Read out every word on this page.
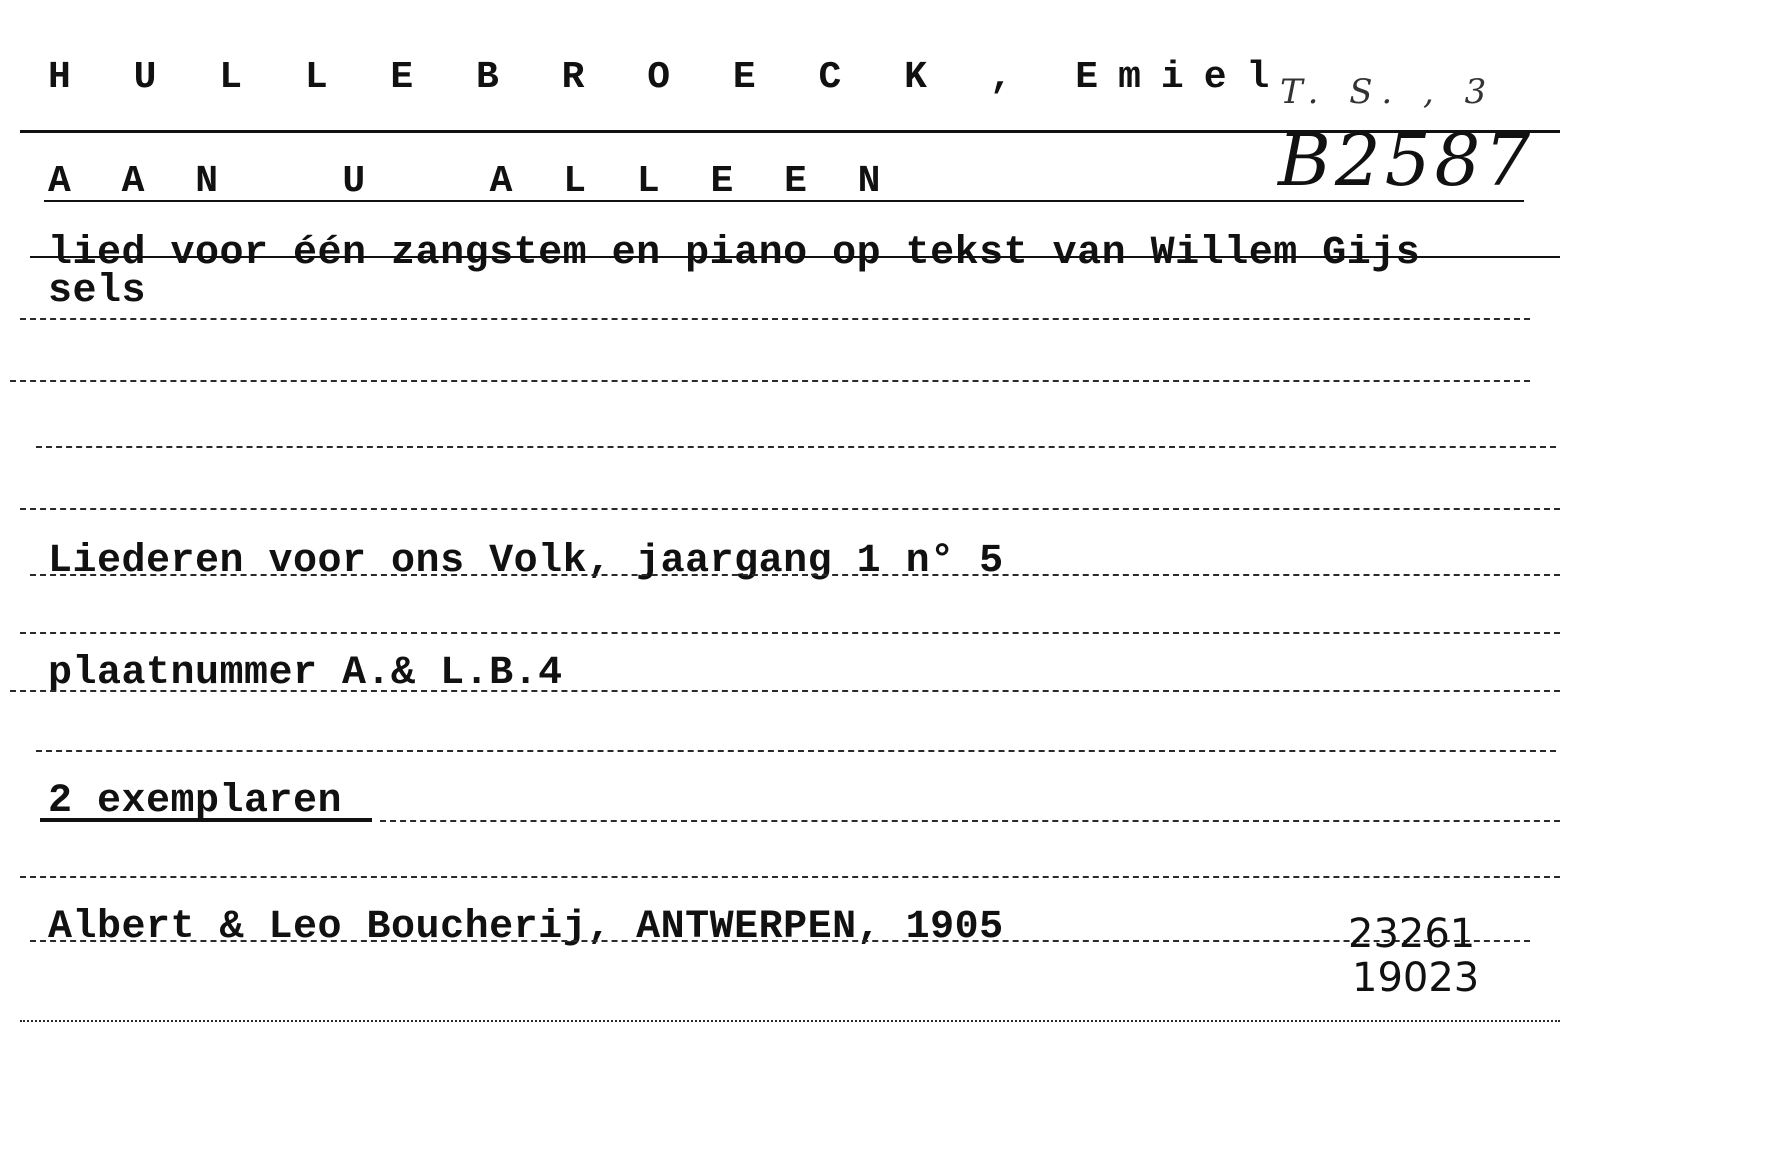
H U L L E B R O E C K , Emiel
T. S. , 3
B2587
A A N   U   A L L E E N
lied voor één zangstem en piano op tekst van Willem Gijs
sels
Liederen voor ons Volk, jaargang 1 n° 5
plaatnummer A.& L.B.4
2 exemplaren
Albert & Leo Boucherij, ANTWERPEN, 1905	23261
19023
